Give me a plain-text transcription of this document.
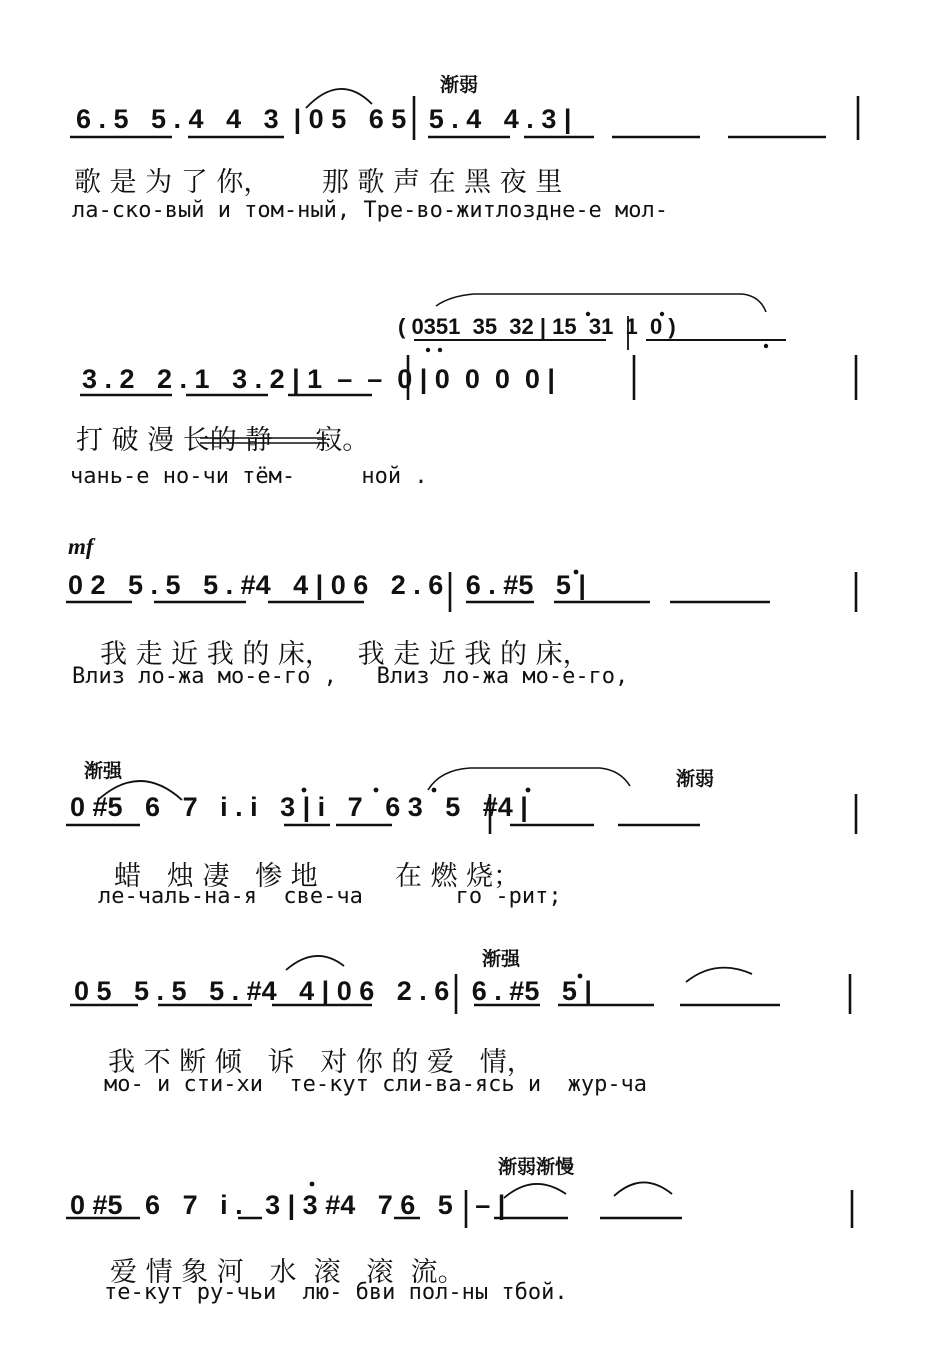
渐弱
6 . 5   5 . 4   4   3  | 0 5   6 5   5 . 4   4 . 3 |
歌 是 为 了 你，      那 歌 声 在 黑 夜 里
ла-ско-вый и том-ный, Тре-во-житлоздне-е мол-
( 0351  35  32 | 15  31  1  0 )
3 . 2   2 . 1   3 . 2 | 1  –  –  0 | 0  0  0  0 |
打 破 漫 长的 静     寂。
чань-е но-чи тём-     ной .
mf
0 2   5 . 5   5 . #4   4 | 0 6   2 . 6   6 . #5   5 |
我 走 近 我 的 床，   我 走 近 我 的 床，
Влиз ло-жа мо-е-го ,   Влиз ло-жа мо-е-го,
渐强	渐弱
0 #5   6   7   i . i   3 | i   7   6 3   5   #4 |
蜡   烛 凄   惨 地         在 燃 烧；
ле-чаль-на-я  све-ча       го -рит;
渐强
0 5   5 . 5   5 . #4   4 | 0 6   2 . 6   6 . #5   5 |
我 不 断 倾   诉   对 你 的 爱   情，
мо- и сти-хи  те-кут сли-ва-ясь и  жур-ча
渐弱渐慢
0 #5   6   7   i .   3 | 3 #4   7 6   5   – |
爱 情 象 河   水  滚   滚  流。
те-кут ру-чьи  лю- бви пол-ны тбой.
